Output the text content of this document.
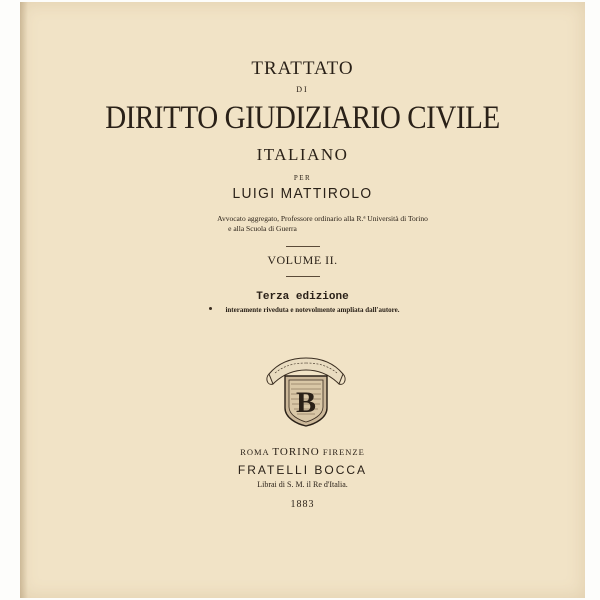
TRATTATO
DI
DIRITTO GIUDIZIARIO CIVILE
ITALIANO
PER
LUIGI MATTIROLO
Avvocato aggregato, Professore ordinario alla R.ª Università di Torino
e alla Scuola di Guerra
VOLUME II.
Terza edizione
interamente riveduta e notevolmente ampliata dall'autore.
B
ROMA TORINO FIRENZE
FRATELLI BOCCA
Librai di S. M. il Re d'Italia.
1883
